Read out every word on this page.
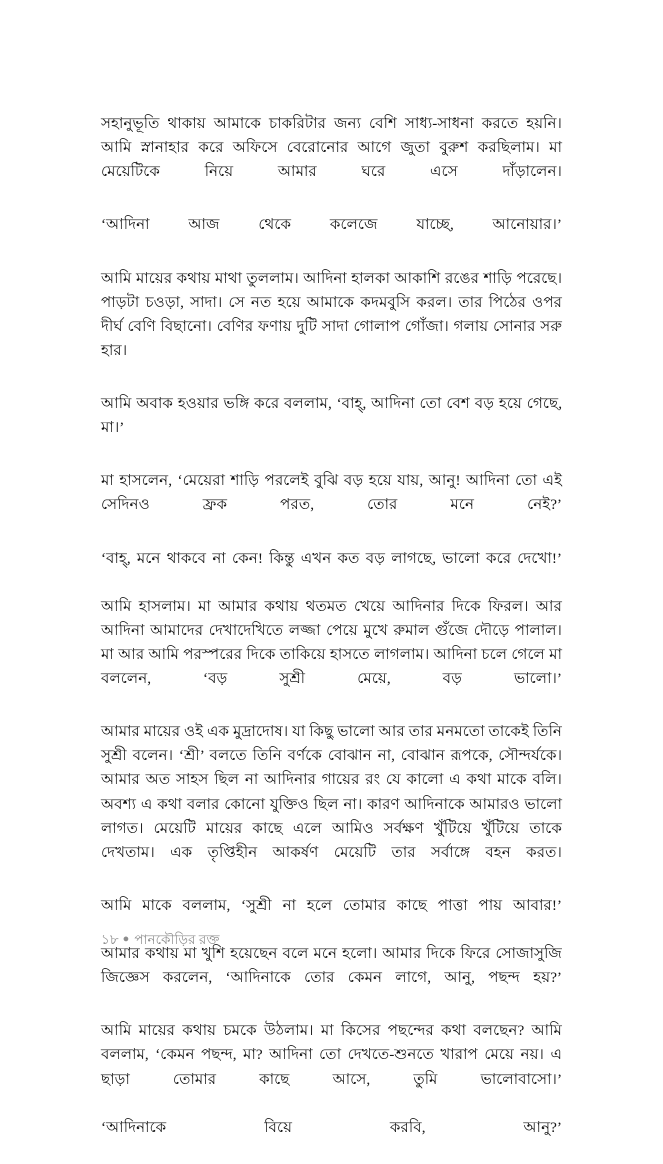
সহানুভূতি থাকায় আমাকে চাকরিটার জন্য বেশি সাধ্য-সাধনা করতে হয়নি। আমি স্নানাহার করে অফিসে বেরোনোর আগে জুতা বুরুশ করছিলাম। মা মেয়েটিকে নিয়ে আমার ঘরে এসে দাঁড়ালেন।

‘আদিনা আজ থেকে কলেজে যাচ্ছে, আনোয়ার।’

আমি মায়ের কথায় মাথা তুললাম। আদিনা হালকা আকাশি রঙের শাড়ি পরেছে। পাড়টা চওড়া, সাদা। সে নত হয়ে আমাকে কদমবুসি করল। তার পিঠের ওপর দীর্ঘ বেণি বিছানো। বেণির ফণায় দুটি সাদা গোলাপ গোঁজা। গলায় সোনার সরু হার।

আমি অবাক হওয়ার ভঙ্গি করে বললাম, ‘বাহ্‌, আদিনা তো বেশ বড় হয়ে গেছে, মা।’

মা হাসলেন, ‘মেয়েরা শাড়ি পরলেই বুঝি বড় হয়ে যায়, আনু! আদিনা তো এই সেদিনও ফ্রক পরত, তোর মনে নেই?’

‘বাহ্‌, মনে থাকবে না কেন! কিন্তু এখন কত বড় লাগছে, ভালো করে দেখো!’

আমি হাসলাম। মা আমার কথায় থতমত খেয়ে আদিনার দিকে ফিরল। আর আদিনা আমাদের দেখাদেখিতে লজ্জা পেয়ে মুখে রুমাল গুঁজে দৌড়ে পালাল। মা আর আমি পরস্পরের দিকে তাকিয়ে হাসতে লাগলাম। আদিনা চলে গেলে মা বললেন, ‘বড় সুশ্রী মেয়ে, বড় ভালো।’

আমার মায়ের ওই এক মুদ্রাদোষ। যা কিছু ভালো আর তার মনমতো তাকেই তিনি সুশ্রী বলেন। ‘শ্রী’ বলতে তিনি বর্ণকে বোঝান না, বোঝান রূপকে, সৌন্দর্যকে। আমার অত সাহস ছিল না আদিনার গায়ের রং যে কালো এ কথা মাকে বলি। অবশ্য এ কথা বলার কোনো যুক্তিও ছিল না। কারণ আদিনাকে আমারও ভালো লাগত। মেয়েটি মায়ের কাছে এলে আমিও সর্বক্ষণ খুঁটিয়ে খুঁটিয়ে তাকে দেখতাম। এক তৃপ্তিহীন আকর্ষণ মেয়েটি তার সর্বাঙ্গে বহন করত।

আমি মাকে বললাম, ‘সুশ্রী না হলে তোমার কাছে পাত্তা পায় আবার!’

আমার কথায় মা খুশি হয়েছেন বলে মনে হলো। আমার দিকে ফিরে সোজাসুজি জিজ্ঞেস করলেন, ‘আদিনাকে তোর কেমন লাগে, আনু, পছন্দ হয়?’

আমি মায়ের কথায় চমকে উঠলাম। মা কিসের পছন্দের কথা বলছেন? আমি বললাম, ‘কেমন পছন্দ, মা? আদিনা তো দেখতে-শুনতে খারাপ মেয়ে নয়। এ ছাড়া তোমার কাছে আসে, তুমি ভালোবাসো।’

‘আদিনাকে বিয়ে করবি, আনু?’

১৮ ● পানকৌড়ির রক্ত
